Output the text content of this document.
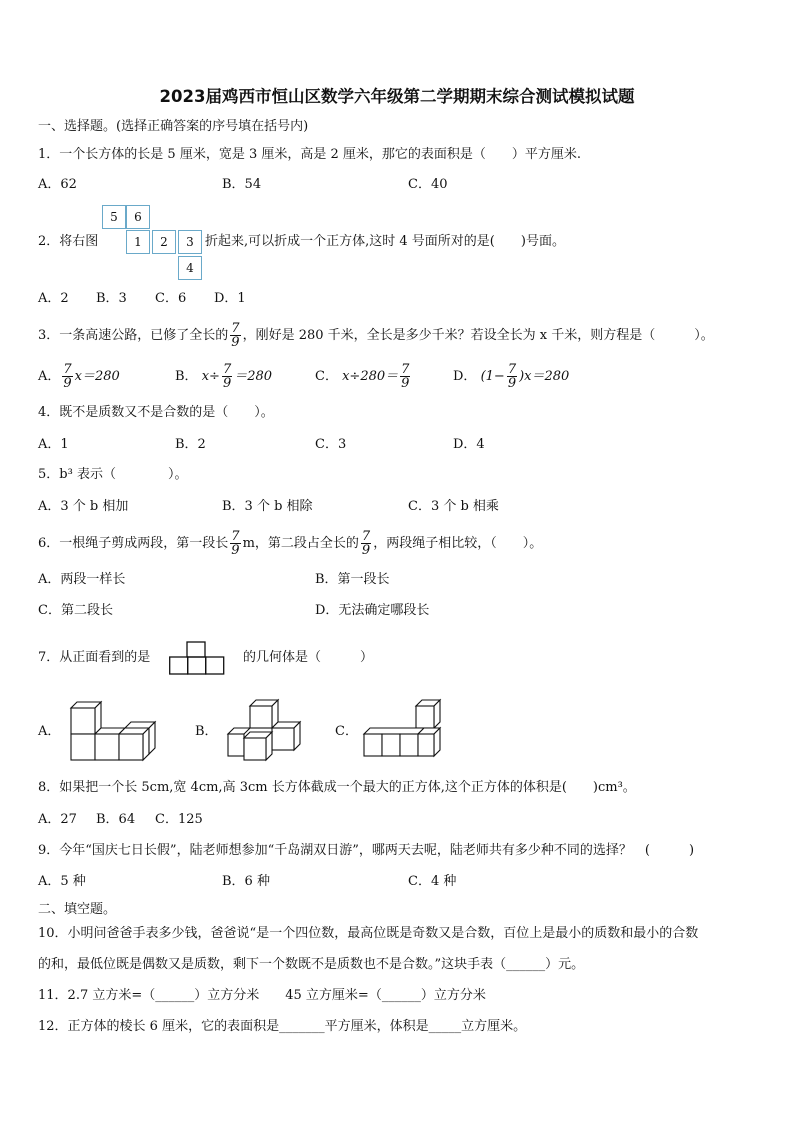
2023届鸡西市恒山区数学六年级第二学期期末综合测试模拟试题
一、选择题。(选择正确答案的序号填在括号内)
1．一个长方体的长是 5 厘米，宽是 3 厘米，高是 2 厘米，那它的表面积是（　　）平方厘米.
A．62	B．54	C．40
5	6
1	2	3
4
2．将右图	折起来,可以折成一个正方体,这时 4 号面所对的是(　　)号面。
A．2 B．3 C．6 D．1
3．一条高速公路，已修了全长的 $\frac{7}{9}$ ，刚好是 280 千米，全长是多少千米？若设全长为 x 千米，则方程是（　　　）。
A． $\frac{7}{9} x=280$	B． $x\div \frac{7}{9} =280$	C． $x\div 280= \frac{7}{9}$	D． $(1- \frac{7}{9} )x=280$
4．既不是质数又不是合数的是（　　）。
A．1	B．2	C．3	D．4
5．b³ 表示（　　　　）。
A．3 个 b 相加	B．3 个 b 相除	C．3 个 b 相乘
6．一根绳子剪成两段，第一段长 $\frac{7}{9}$ m，第二段占全长的 $\frac{7}{9}$ ，两段绳子相比较，（　　）。
A．两段一样长	B．第一段长
C．第二段长	D．无法确定哪段长
7．从正面看到的是	的几何体是（　　　）
A．	B．	C．
8．如果把一个长 5cm,宽 4cm,高 3cm 长方体截成一个最大的正方体,这个正方体的体积是(　　)cm³。
A．27 B．64 C．125
9．今年“国庆七日长假”，陆老师想参加“千岛湖双日游”，哪两天去呢，陆老师共有多少种不同的选择？　(　　　)
A．5 种	B．6 种	C．4 种
二、填空题。
10．小明问爸爸手表多少钱，爸爸说“是一个四位数，最高位既是奇数又是合数，百位上是最小的质数和最小的合数
的和，最低位既是偶数又是质数，剩下一个数既不是质数也不是合数。”这块手表（______）元。
11．2.7 立方米=（______）立方分米　　45 立方厘米=（______）立方分米
12．正方体的棱长 6 厘米，它的表面积是_______平方厘米，体积是_____立方厘米。
